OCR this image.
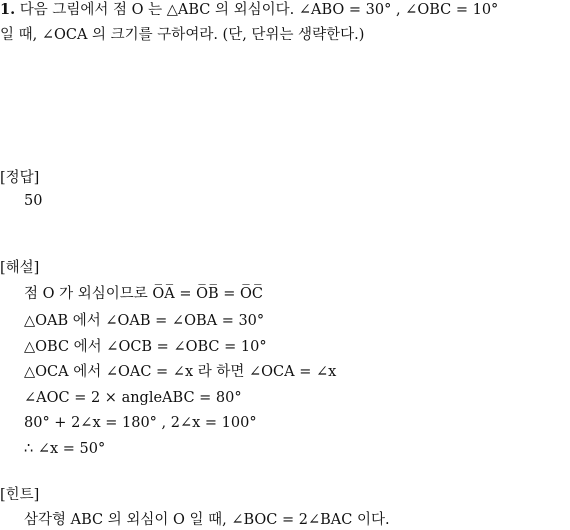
1. 다음 그림에서 점 O 는 △ABC 의 외심이다. ∠ABO = 30° , ∠OBC = 10°
일 때, ∠OCA 의 크기를 구하여라. (단, 단위는 생략한다.)
[정답]
50
[해설]
점 O 가 외심이므로 O̅A̅ = O̅B̅ = O̅C̅
△OAB 에서 ∠OAB = ∠OBA = 30°
△OBC 에서 ∠OCB = ∠OBC = 10°
△OCA 에서 ∠OAC = ∠x 라 하면 ∠OCA = ∠x
∠AOC = 2 × angleABC = 80°
80° + 2∠x = 180° , 2∠x = 100°
∴ ∠x = 50°
[힌트]
삼각형 ABC 의 외심이 O 일 때, ∠BOC = 2∠BAC 이다.
